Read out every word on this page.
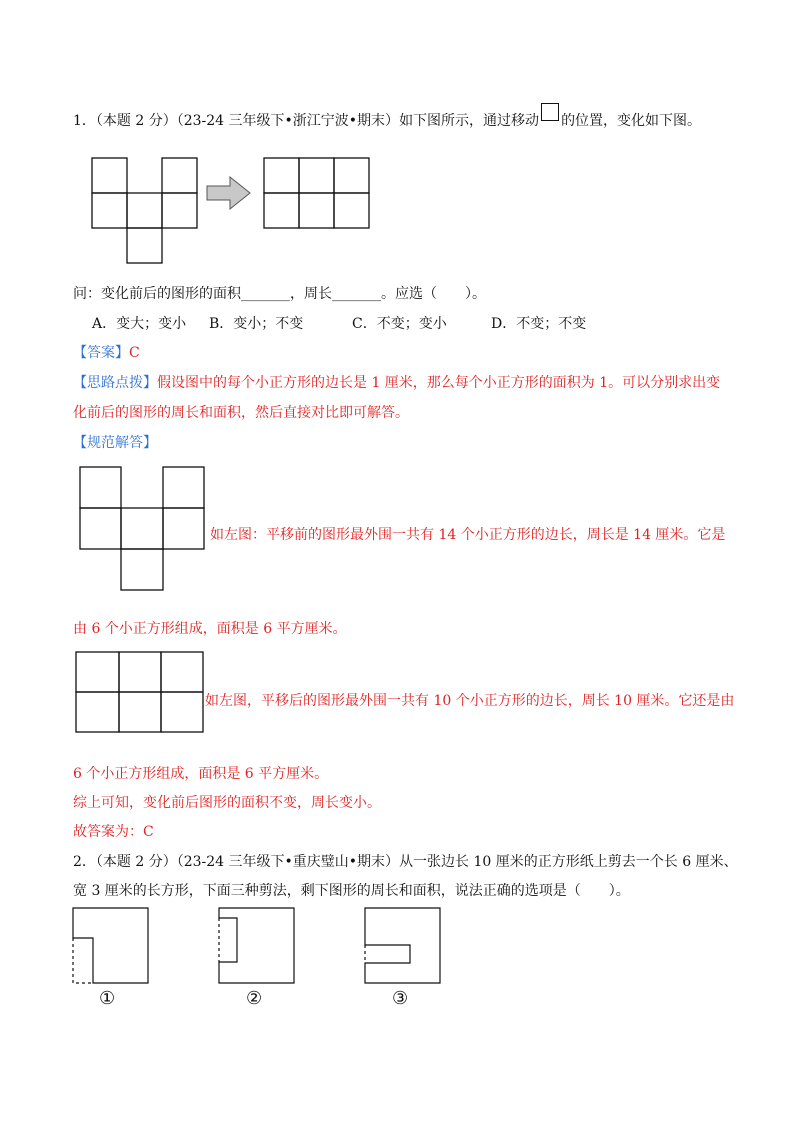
1．（本题 2 分）（23-24 三年级下•浙江宁波•期末）如下图所示，通过移动 的位置，变化如下图。
问：变化前后的图形的面积_______，周长_______。应选（　　）。
A．变大；变小 B．变小；不变	C．不变；变小	D．不变；不变
【答案】C
【思路点拨】假设图中的每个小正方形的边长是 1 厘米，那么每个小正方形的面积为 1。可以分别求出变
化前后的图形的周长和面积，然后直接对比即可解答。
【规范解答】
如左图：平移前的图形最外围一共有 14 个小正方形的边长，周长是 14 厘米。它是
由 6 个小正方形组成，面积是 6 平方厘米。
如左图，平移后的图形最外围一共有 10 个小正方形的边长，周长 10 厘米。它还是由
6 个小正方形组成，面积是 6 平方厘米。
综上可知，变化前后图形的面积不变，周长变小。
故答案为：C
2．（本题 2 分）（23-24 三年级下•重庆璧山•期末）从一张边长 10 厘米的正方形纸上剪去一个长 6 厘米、
宽 3 厘米的长方形，下面三种剪法，剩下图形的周长和面积，说法正确的选项是（　　）。
①	②	③
